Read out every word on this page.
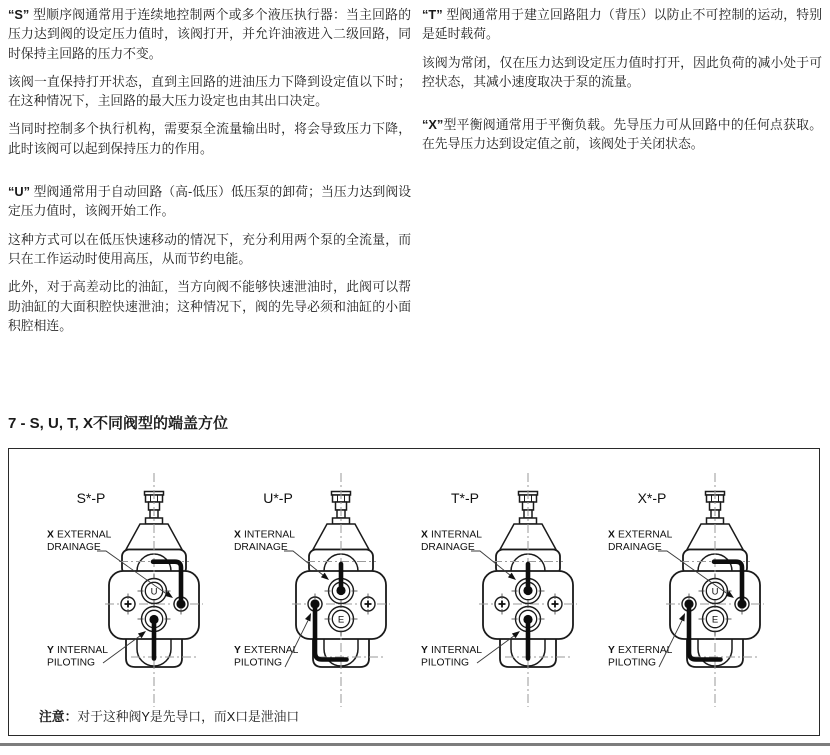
“S” 型顺序阀通常用于连续地控制两个或多个液压执行器：当主回路的压力达到阀的设定压力值时，该阀打开，并允许油液进入二级回路，同时保持主回路的压力不变。

该阀一直保持打开状态，直到主回路的进油压力下降到设定值以下时；在这种情况下，主回路的最大压力设定也由其出口决定。

当同时控制多个执行机构，需要泵全流量输出时，将会导致压力下降，此时该阀可以起到保持压力的作用。

“U” 型阀通常用于自动回路（高-低压）低压泵的卸荷；当压力达到阀设定压力值时，该阀开始工作。

这种方式可以在低压快速移动的情况下，充分利用两个泵的全流量，而只在工作运动时使用高压，从而节约电能。

此外，对于高差动比的油缸，当方向阀不能够快速泄油时，此阀可以帮助油缸的大面积腔快速泄油；这种情况下，阀的先导必须和油缸的小面积腔相连。

“T” 型阀通常用于建立回路阻力（背压）以防止不可控制的运动，特别是延时载荷。

该阀为常闭，仅在压力达到设定压力值时打开，因此负荷的减小处于可控状态，其减小速度取决于泵的流量。

“X”型平衡阀通常用于平衡负载。先导压力可从回路中的任何点获取。在先导压力达到设定值之前，该阀处于关闭状态。

7 - S, U, T, X不同阀型的端盖方位
U
S*-P
X EXTERNAL
DRAINAGE
Y INTERNAL
PILOTING
E
U*-P
X INTERNAL
DRAINAGE
Y EXTERNAL
PILOTING
T*-P
X INTERNAL
DRAINAGE
Y INTERNAL
PILOTING
U
E
X*-P
X EXTERNAL
DRAINAGE
Y EXTERNAL
PILOTING
注意：对于这种阀Y是先导口，而X口是泄油口
